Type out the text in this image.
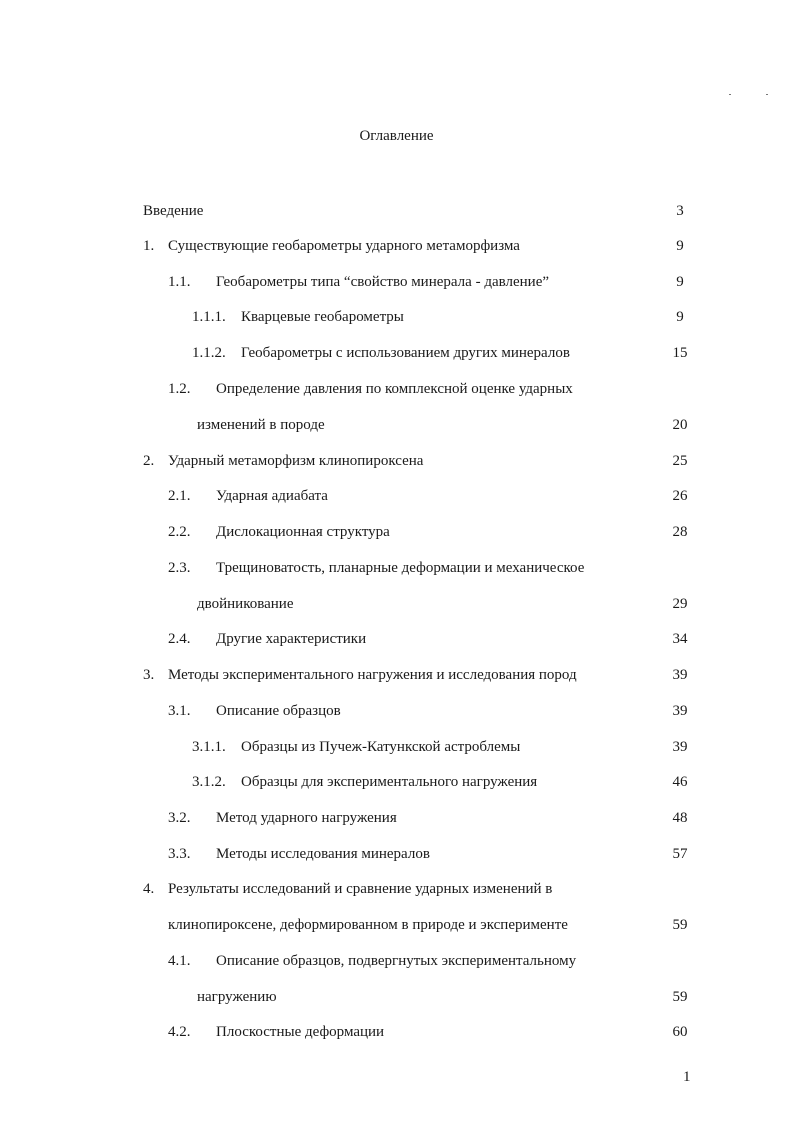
Оглавление
Введение	3
1. Существующие геобарометры ударного метаморфизма	9
1.1. Геобарометры типа “свойство минерала - давление”	9
1.1.1. Кварцевые геобарометры	9
1.1.2. Геобарометры с использованием других минералов	15
1.2. Определение давления по комплексной оценке ударных
изменений в породе	20
2. Ударный метаморфизм клинопироксена	25
2.1. Ударная адиабата	26
2.2. Дислокационная структура	28
2.3. Трещиноватость, планарные деформации и механическое
двойникование	29
2.4. Другие характеристики	34
3. Методы экспериментального нагружения и исследования пород	39
3.1. Описание образцов	39
3.1.1. Образцы из Пучеж-Катункской астроблемы	39
3.1.2. Образцы для экспериментального нагружения	46
3.2. Метод ударного нагружения	48
3.3. Методы исследования минералов	57
4. Результаты исследований и сравнение ударных изменений в
клинопироксене, деформированном в природе и эксперименте	59
4.1. Описание образцов, подвергнутых экспериментальному
нагружению	59
4.2. Плоскостные деформации	60
1
